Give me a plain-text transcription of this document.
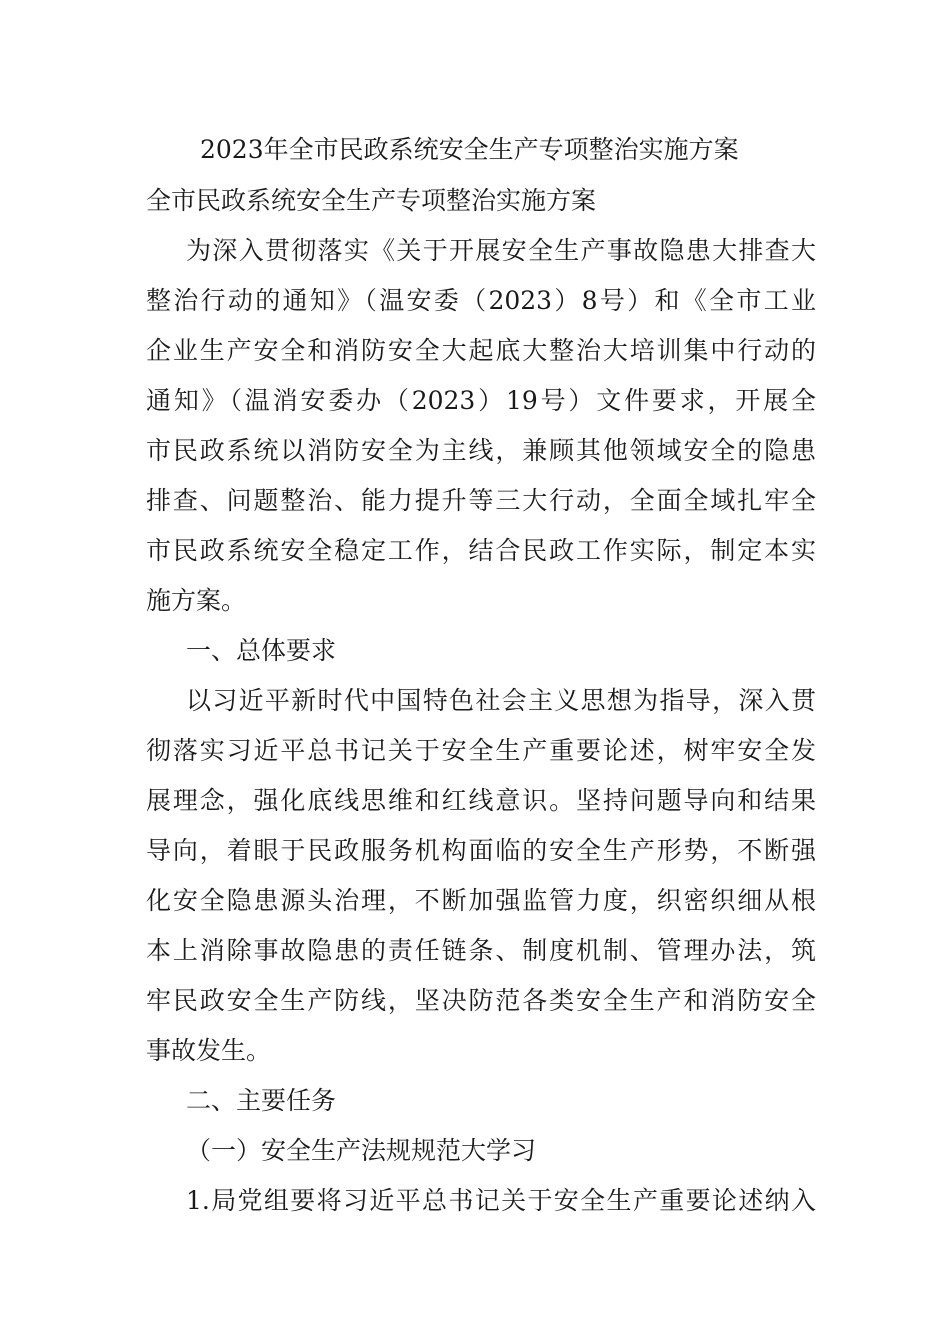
2023年全市民政系统安全生产专项整治实施方案
全市民政系统安全生产专项整治实施方案
为深入贯彻落实《关于开展安全生产事故隐患大排查大
整治行动的通知》（温安委（2023）8号）和《全市工业
企业生产安全和消防安全大起底大整治大培训集中行动的
通知》（温消安委办（2023）19号）文件要求，开展全
市民政系统以消防安全为主线，兼顾其他领域安全的隐患
排查、问题整治、能力提升等三大行动，全面全域扎牢全
市民政系统安全稳定工作，结合民政工作实际，制定本实
施方案。
一、总体要求
以习近平新时代中国特色社会主义思想为指导，深入贯
彻落实习近平总书记关于安全生产重要论述，树牢安全发
展理念，强化底线思维和红线意识。坚持问题导向和结果
导向，着眼于民政服务机构面临的安全生产形势，不断强
化安全隐患源头治理，不断加强监管力度，织密织细从根
本上消除事故隐患的责任链条、制度机制、管理办法，筑
牢民政安全生产防线，坚决防范各类安全生产和消防安全
事故发生。
二、主要任务
（一）安全生产法规规范大学习
1.局党组要将习近平总书记关于安全生产重要论述纳入
